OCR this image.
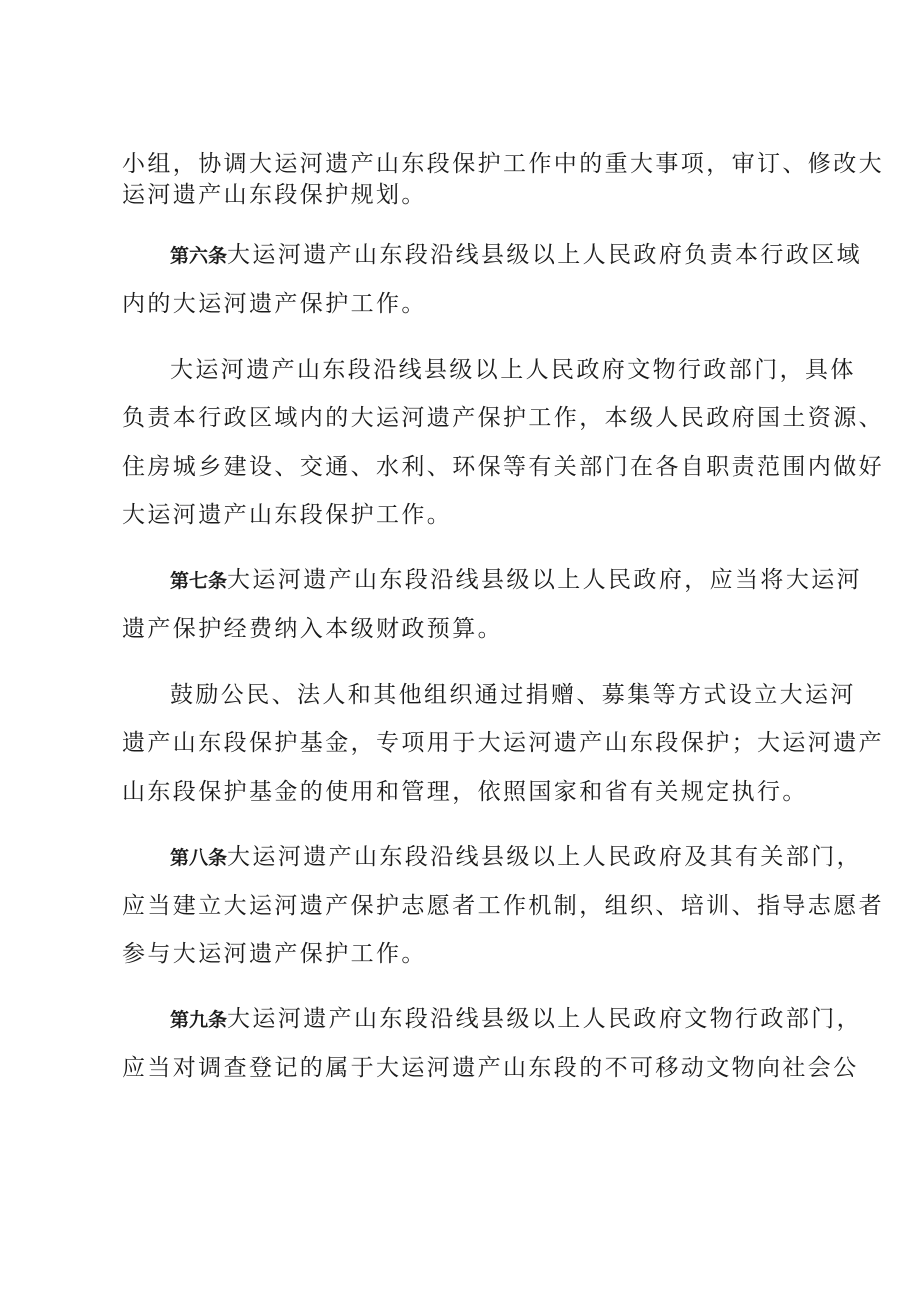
小组，协调大运河遗产山东段保护工作中的重大事项，审订、修改大

运河遗产山东段保护规划。

第六条大运河遗产山东段沿线县级以上人民政府负责本行政区域

内的大运河遗产保护工作。

大运河遗产山东段沿线县级以上人民政府文物行政部门，具体

负责本行政区域内的大运河遗产保护工作，本级人民政府国土资源、

住房城乡建设、交通、水利、环保等有关部门在各自职责范围内做好

大运河遗产山东段保护工作。

第七条大运河遗产山东段沿线县级以上人民政府，应当将大运河

遗产保护经费纳入本级财政预算。

鼓励公民、法人和其他组织通过捐赠、募集等方式设立大运河

遗产山东段保护基金，专项用于大运河遗产山东段保护；大运河遗产

山东段保护基金的使用和管理，依照国家和省有关规定执行。

第八条大运河遗产山东段沿线县级以上人民政府及其有关部门，

应当建立大运河遗产保护志愿者工作机制，组织、培训、指导志愿者

参与大运河遗产保护工作。

第九条大运河遗产山东段沿线县级以上人民政府文物行政部门，

应当对调查登记的属于大运河遗产山东段的不可移动文物向社会公
